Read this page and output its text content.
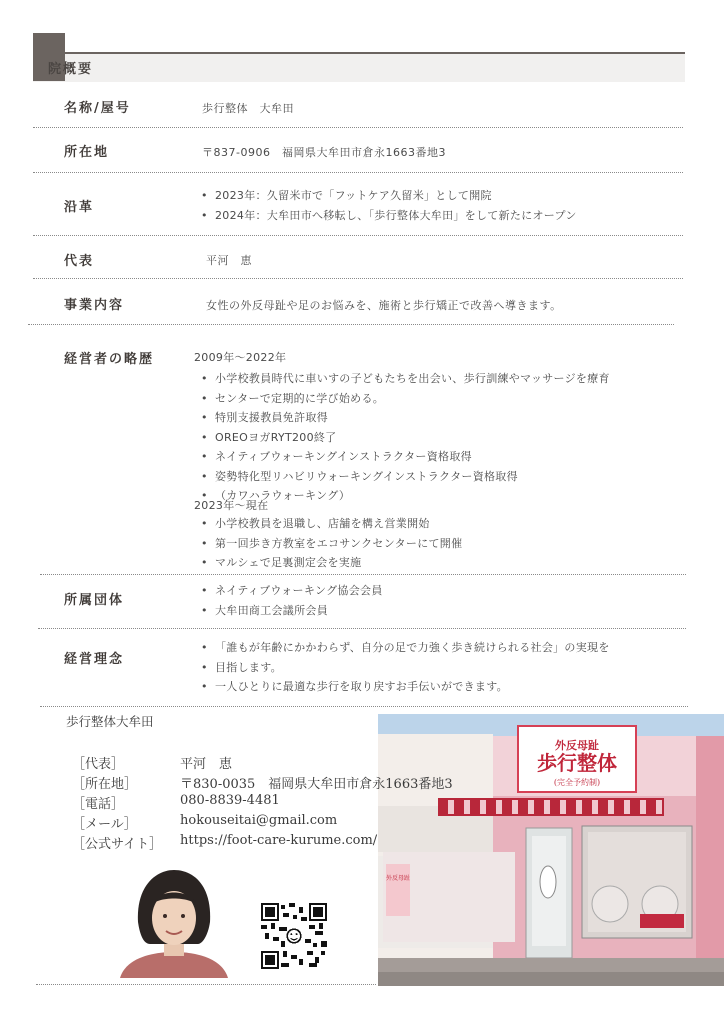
院概要
名称/屋号	歩行整体　大牟田
所在地	〒837-0906　福岡県大牟田市倉永1663番地3
沿革
• 2023年：久留米市で「フットケア久留米」として開院
• 2024年：大牟田市へ移転し、「歩行整体大牟田」をして新たにオープン
代表	平河　恵
事業内容	女性の外反母趾や足のお悩みを、施術と歩行矯正で改善へ導きます。
経営者の略歴	2009年～2022年
• 小学校教員時代に車いすの子どもたちを出会い、歩行訓練やマッサージを療育
• センターで定期的に学び始める。
• 特別支援教員免許取得
• OREOヨガRYT200終了
• ネイティブウォーキングインストラクター資格取得
• 姿勢特化型リハビリウォーキングインストラクター資格取得
• （カワハラウォーキング）
2023年～現在
• 小学校教員を退職し、店舗を構え営業開始
• 第一回歩き方教室をエコサンクセンターにて開催
• マルシェで足裏測定会を実施
所属団体
• ネイティブウォーキング協会会員
• 大牟田商工会議所会員
経営理念
• 「誰もが年齢にかかわらず、自分の足で力強く歩き続けられる社会」の実現を
• 目指します。
• 一人ひとりに最適な歩行を取り戻すお手伝いができます。
外反母趾
歩行整体
(完全予約制)
外反母趾
歩行整体大牟田
［代表］	平河　恵
［所在地］	〒830-0035　福岡県大牟田市倉永1663番地3
［電話］	080-8839-4481
［メール］	hokouseitai@gmail.com
［公式サイト］ https://foot-care-kurume.com/
